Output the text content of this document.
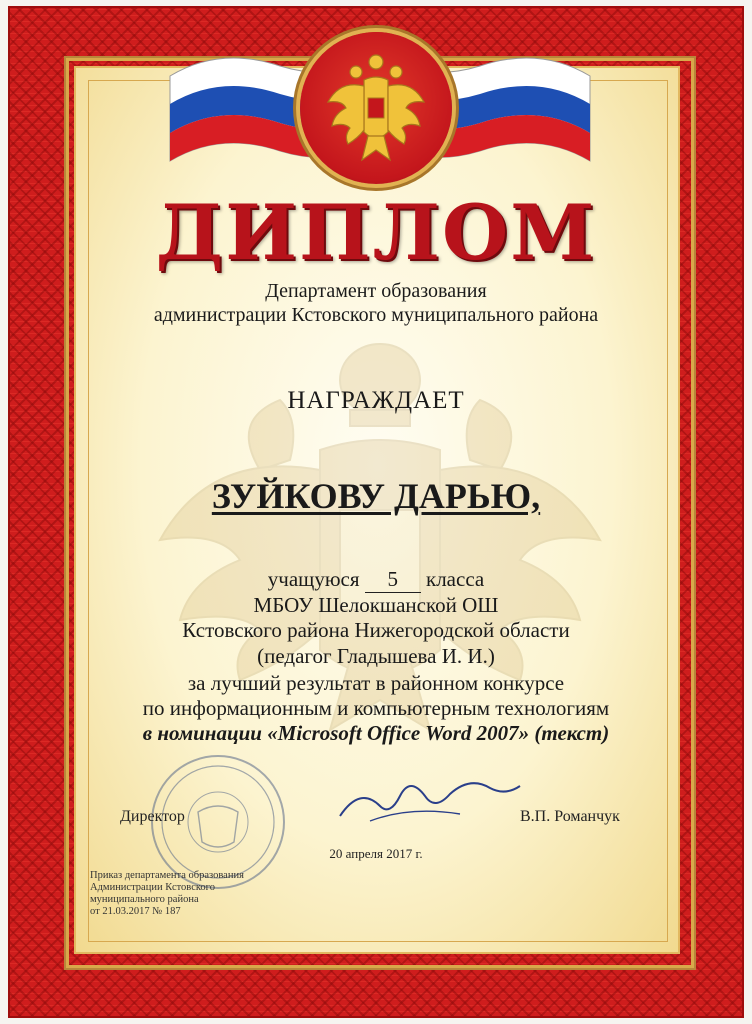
ДИПЛОМ
Департамент образования
администрации Кстовского муниципального района
НАГРАЖДАЕТ
ЗУЙКОВУ ДАРЬЮ,
учащуюся 5 класса
МБОУ Шелокшанской ОШ
Кстовского района Нижегородской области
(педагог Гладышева И. И.)
за лучший результат в районном конкурсе
по информационным и компьютерным технологиям
в номинации «Microsoft Office Word 2007» (текст)
Директор	В.П. Романчук
20 апреля 2017 г.
Приказ департамента образования
Администрации Кстовского
муниципального района
от 21.03.2017 № 187
